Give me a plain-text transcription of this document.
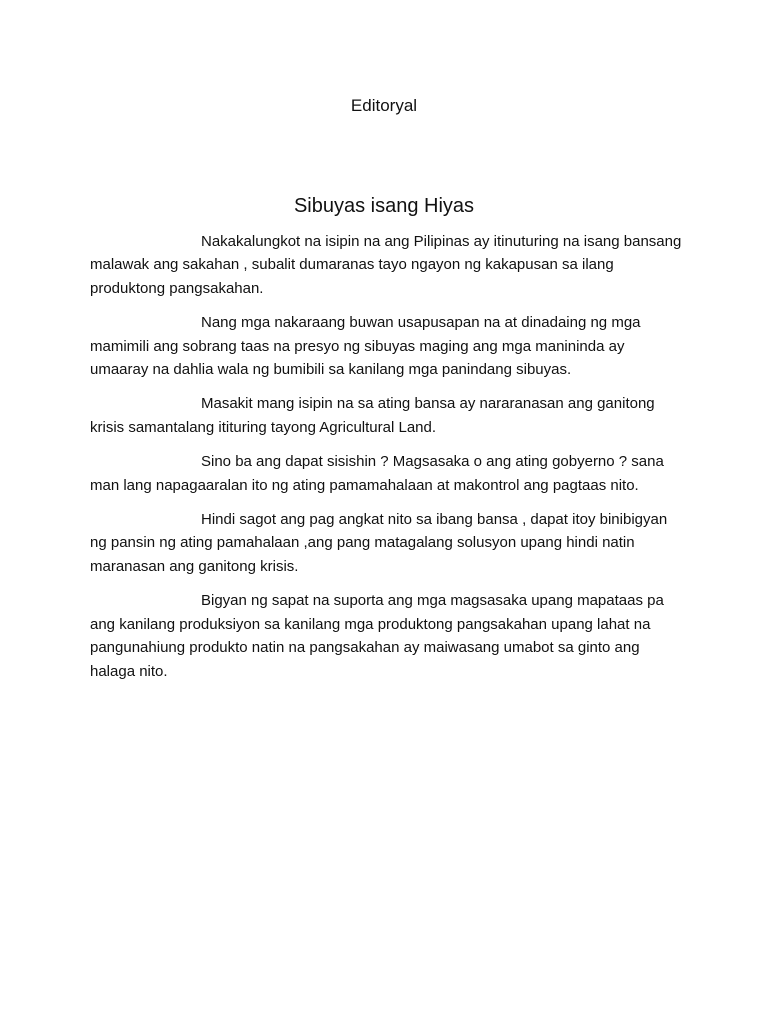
Editoryal
Sibuyas isang Hiyas

Nakakalungkot na isipin na ang Pilipinas ay itinuturing na isang bansang malawak ang sakahan , subalit dumaranas tayo ngayon ng kakapusan sa ilang produktong pangsakahan.

Nang mga nakaraang buwan usapusapan na at dinadaing ng mga mamimili ang sobrang taas na presyo ng sibuyas maging ang mga manininda ay umaaray na dahlia wala ng bumibili sa kanilang mga panindang sibuyas.

Masakit mang isipin na sa ating bansa ay nararanasan ang ganitong krisis samantalang itituring tayong Agricultural Land.

Sino ba ang dapat sisishin ? Magsasaka o ang ating gobyerno ? sana man lang napagaaralan ito ng ating pamamahalaan at makontrol ang pagtaas nito.

Hindi sagot ang pag angkat nito sa ibang bansa , dapat itoy binibigyan ng pansin ng ating pamahalaan ,ang pang matagalang solusyon upang hindi natin maranasan ang ganitong krisis.

Bigyan ng sapat na suporta ang mga magsasaka upang mapataas pa ang kanilang produksiyon sa kanilang mga produktong pangsakahan upang lahat na pangunahiung produkto natin na pangsakahan ay maiwasang umabot sa ginto ang halaga nito.
